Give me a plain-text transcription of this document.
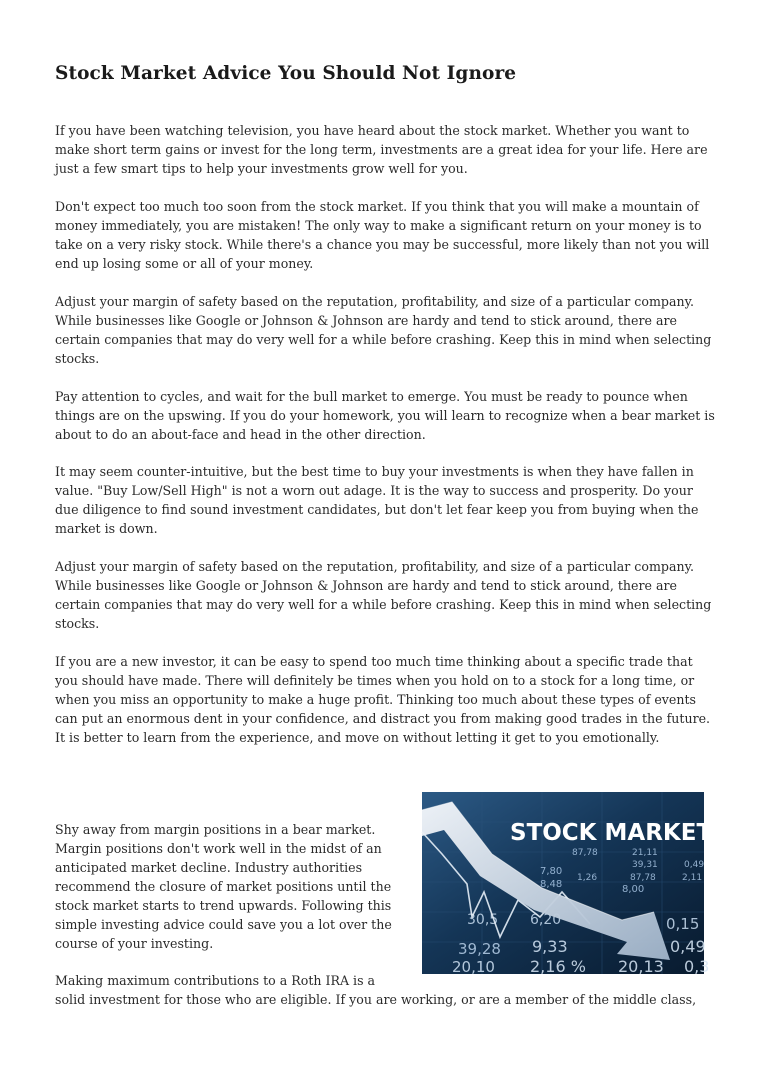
Stock Market Advice You Should Not Ignore

If you have been watching television, you have heard about the stock market. Whether you want to make short term gains or invest for the long term, investments are a great idea for your life. Here are just a few smart tips to help your investments grow well for you.

Don't expect too much too soon from the stock market. If you think that you will make a mountain of money immediately, you are mistaken! The only way to make a significant return on your money is to take on a very risky stock. While there's a chance you may be successful, more likely than not you will end up losing some or all of your money.

Adjust your margin of safety based on the reputation, profitability, and size of a particular company. While businesses like Google or Johnson & Johnson are hardy and tend to stick around, there are certain companies that may do very well for a while before crashing. Keep this in mind when selecting stocks.

Pay attention to cycles, and wait for the bull market to emerge. You must be ready to pounce when things are on the upswing. If you do your homework, you will learn to recognize when a bear market is about to do an about-face and head in the other direction.

It may seem counter-intuitive, but the best time to buy your investments is when they have fallen in value. "Buy Low/Sell High" is not a worn out adage. It is the way to success and prosperity. Do your due diligence to find sound investment candidates, but don't let fear keep you from buying when the market is down.

Adjust your margin of safety based on the reputation, profitability, and size of a particular company. While businesses like Google or Johnson & Johnson are hardy and tend to stick around, there are certain companies that may do very well for a while before crashing. Keep this in mind when selecting stocks.

If you are a new investor, it can be easy to spend too much time thinking about a specific trade that you should have made. There will definitely be times when you hold on to a stock for a long time, or when you miss an opportunity to make a huge profit. Thinking too much about these types of events can put an enormous dent in your confidence, and distract you from making good trades in the future. It is better to learn from the experience, and move on without letting it get to you emotionally.

Shy away from margin positions in a bear market. Margin positions don't work well in the midst of an anticipated market decline. Industry authorities recommend the closure of market positions until the stock market starts to trend upwards. Following this simple investing advice could save you a lot over the course of your investing.

87,78	21,11
39,31	0,49
1,26	87,78	2,11
7,80
8,00
8,48
30,5 6,20
9,33
39,28
20,10 2,16 % 20,13 0,3
0,49
0,15
STOCK MARKET

Making maximum contributions to a Roth IRA is a
solid investment for those who are eligible. If you are working, or are a member of the middle class,
